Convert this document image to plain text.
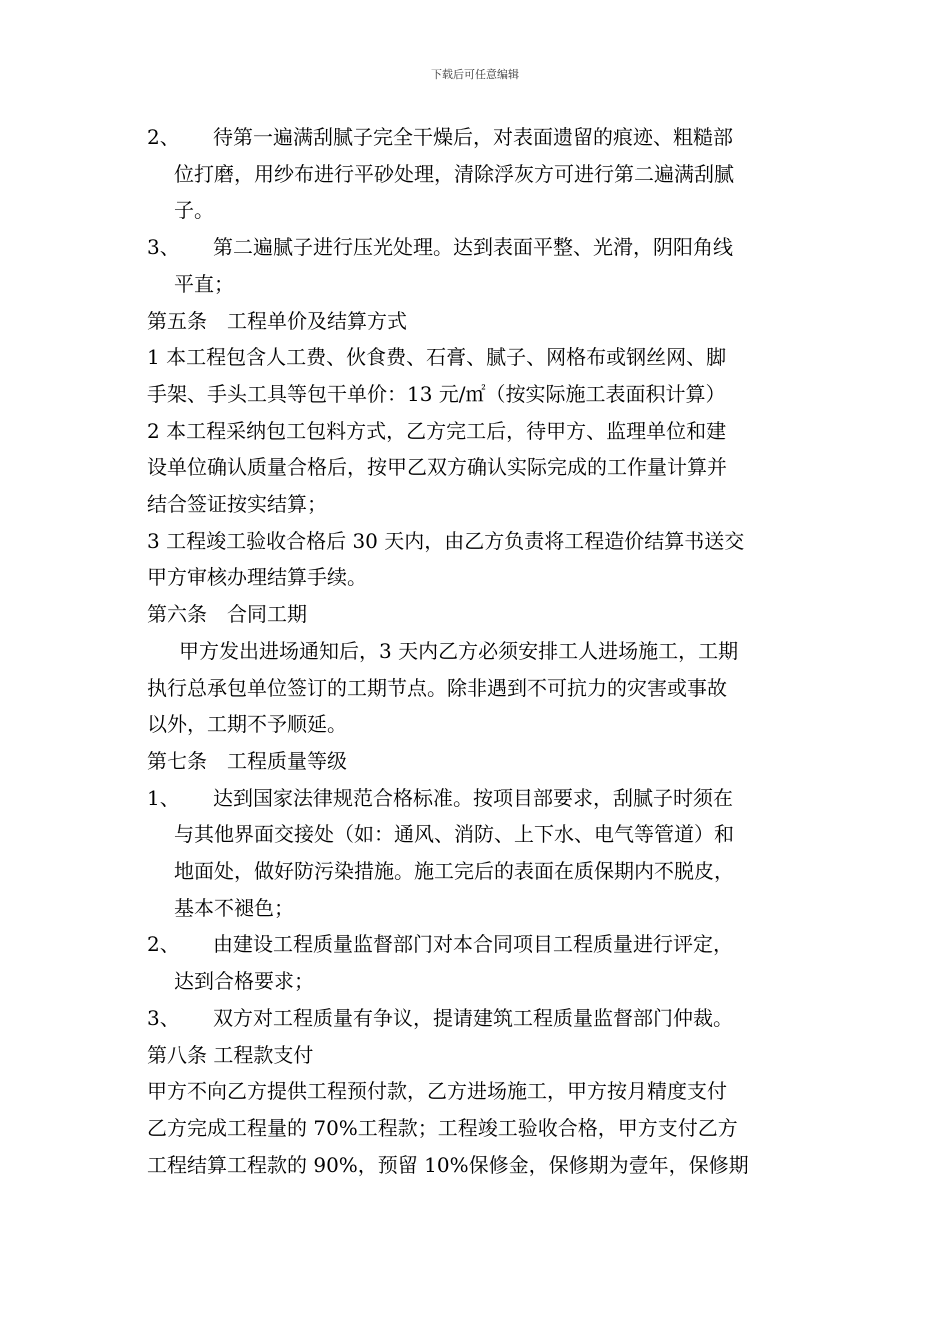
下载后可任意编辑
2、	待第一遍满刮腻子完全干燥后，对表面遗留的痕迹、粗糙部
位打磨，用纱布进行平砂处理，清除浮灰方可进行第二遍满刮腻
子。
3、	第二遍腻子进行压光处理。达到表面平整、光滑，阴阳角线
平直；

第五条　工程单价及结算方式

1 本工程包含人工费、伙食费、石膏、腻子、网格布或钢丝网、脚

手架、手头工具等包干单价：13 元/㎡（按实际施工表面积计算）

2 本工程采纳包工包料方式，乙方完工后，待甲方、监理单位和建

设单位确认质量合格后，按甲乙双方确认实际完成的工作量计算并

结合签证按实结算；

3 工程竣工验收合格后 30 天内，由乙方负责将工程造价结算书送交

甲方审核办理结算手续。

第六条　合同工期

甲方发出进场通知后，3 天内乙方必须安排工人进场施工，工期

执行总承包单位签订的工期节点。除非遇到不可抗力的灾害或事故

以外，工期不予顺延。

第七条　工程质量等级

1、	达到国家法律规范合格标准。按项目部要求，刮腻子时须在
与其他界面交接处（如：通风、消防、上下水、电气等管道）和
地面处，做好防污染措施。施工完后的表面在质保期内不脱皮，
基本不褪色；
2、	由建设工程质量监督部门对本合同项目工程质量进行评定，
达到合格要求；
3、	双方对工程质量有争议，提请建筑工程质量监督部门仲裁。

第八条 工程款支付

甲方不向乙方提供工程预付款，乙方进场施工，甲方按月精度支付

乙方完成工程量的 70%工程款；工程竣工验收合格，甲方支付乙方

工程结算工程款的 90%，预留 10%保修金，保修期为壹年，保修期
